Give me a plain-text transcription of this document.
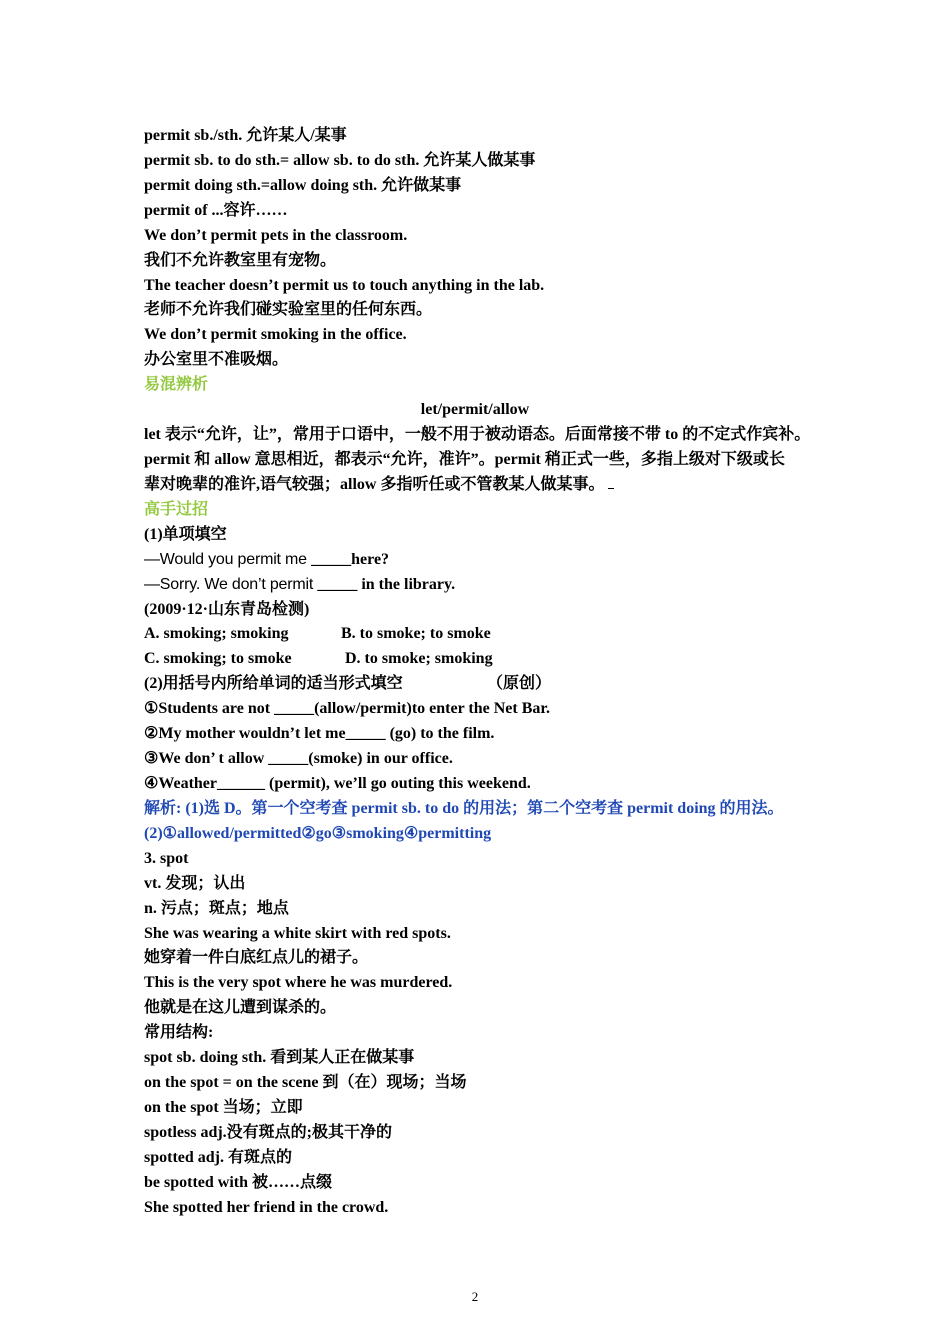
permit sb./sth. 允许某人/某事
permit sb. to do sth.= allow sb. to do sth. 允许某人做某事
permit doing sth.=allow doing sth. 允许做某事
permit of ...容许……
We don’t permit pets in the classroom.
我们不允许教室里有宠物。
The teacher doesn’t permit us to touch anything in the lab.
老师不允许我们碰实验室里的任何东西。
We don’t permit smoking in the office.
办公室里不准吸烟。
易混辨析
let/permit/allow
let 表示“允许，让”，常用于口语中，一般不用于被动语态。后面常接不带 to 的不定式作宾补。
permit 和 allow 意思相近，都表示“允许，准许”。permit 稍正式一些，多指上级对下级或长
辈对晚辈的准许,语气较强；allow 多指听任或不管教某人做某事。
高手过招
(1)单项填空
—Would you permit me _____here?
—Sorry. We don’t permit _____ in the library.
(2009·12·山东青岛检测)
A. smoking; smoking	B. to smoke; to smoke
C. smoking; to smoke	D. to smoke; smoking
(2)用括号内所给单词的适当形式填空	（原创）
①Students are not _____(allow/permit)to enter the Net Bar.
②My mother wouldn’t let me_____ (go) to the film.
③We don’ t allow _____(smoke) in our office.
④Weather______ (permit), we’ll go outing this weekend.
解析: (1)选 D。第一个空考查 permit sb. to do 的用法；第二个空考查 permit doing 的用法。
(2)①allowed/permitted②go③smoking④permitting
3. spot
vt. 发现；认出
n. 污点；斑点；地点
She was wearing a white skirt with red spots.
她穿着一件白底红点儿的裙子。
This is the very spot where he was murdered.
他就是在这儿遭到谋杀的。
常用结构:
spot sb. doing sth. 看到某人正在做某事
on the spot = on the scene 到（在）现场；当场
on the spot 当场；立即
spotless adj.没有斑点的;极其干净的
spotted adj. 有斑点的
be spotted with 被……点缀
She spotted her friend in the crowd.
2
